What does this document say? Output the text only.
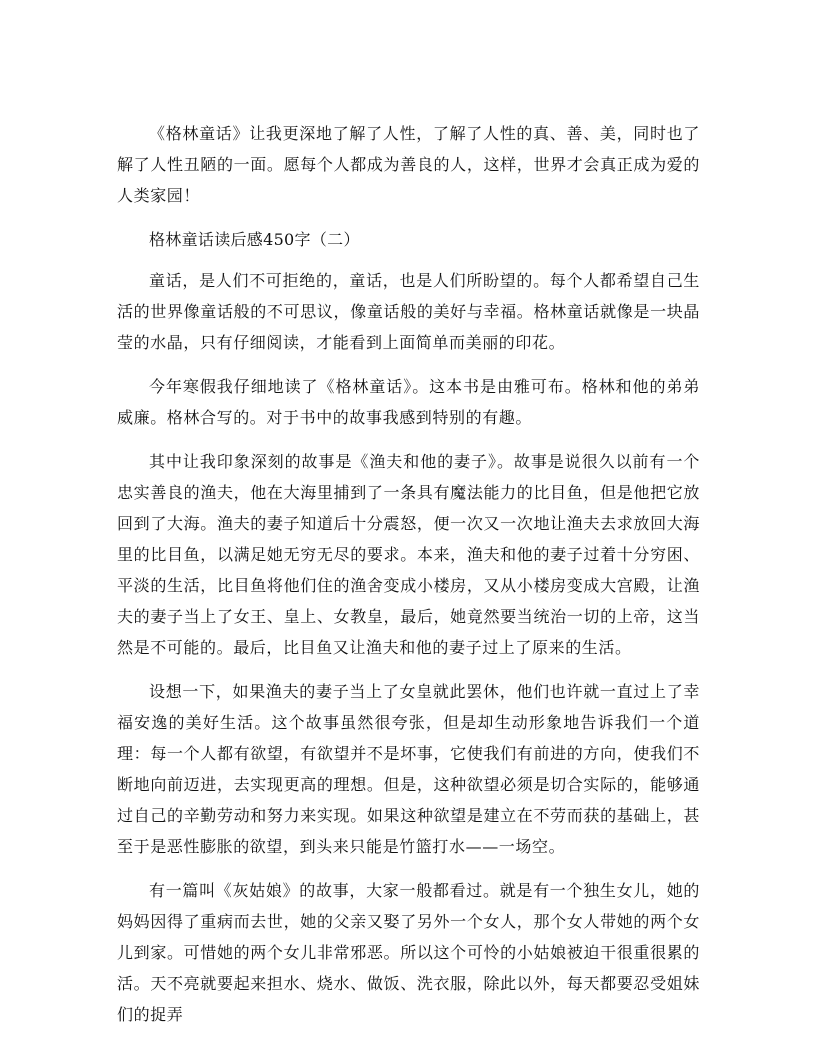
《格林童话》让我更深地了解了人性，了解了人性的真、善、美，同时也了解了人性丑陋的一面。愿每个人都成为善良的人，这样，世界才会真正成为爱的人类家园！

格林童话读后感450字（二）

童话，是人们不可拒绝的，童话，也是人们所盼望的。每个人都希望自己生活的世界像童话般的不可思议，像童话般的美好与幸福。格林童话就像是一块晶莹的水晶，只有仔细阅读，才能看到上面简单而美丽的印花。

今年寒假我仔细地读了《格林童话》。这本书是由雅可布。格林和他的弟弟威廉。格林合写的。对于书中的故事我感到特别的有趣。

其中让我印象深刻的故事是《渔夫和他的妻子》。故事是说很久以前有一个忠实善良的渔夫，他在大海里捕到了一条具有魔法能力的比目鱼，但是他把它放回到了大海。渔夫的妻子知道后十分震怒，便一次又一次地让渔夫去求放回大海里的比目鱼，以满足她无穷无尽的要求。本来，渔夫和他的妻子过着十分穷困、平淡的生活，比目鱼将他们住的渔舍变成小楼房，又从小楼房变成大宫殿，让渔夫的妻子当上了女王、皇上、女教皇，最后，她竟然要当统治一切的上帝，这当然是不可能的。最后，比目鱼又让渔夫和他的妻子过上了原来的生活。

设想一下，如果渔夫的妻子当上了女皇就此罢休，他们也许就一直过上了幸福安逸的美好生活。这个故事虽然很夸张，但是却生动形象地告诉我们一个道理：每一个人都有欲望，有欲望并不是坏事，它使我们有前进的方向，使我们不断地向前迈进，去实现更高的理想。但是，这种欲望必须是切合实际的，能够通过自己的辛勤劳动和努力来实现。如果这种欲望是建立在不劳而获的基础上，甚至于是恶性膨胀的欲望，到头来只能是竹篮打水——一场空。

有一篇叫《灰姑娘》的故事，大家一般都看过。就是有一个独生女儿，她的妈妈因得了重病而去世，她的父亲又娶了另外一个女人，那个女人带她的两个女儿到家。可惜她的两个女儿非常邪恶。所以这个可怜的小姑娘被迫干很重很累的活。天不亮就要起来担水、烧水、做饭、洗衣服，除此以外，每天都要忍受姐妹们的捉弄
